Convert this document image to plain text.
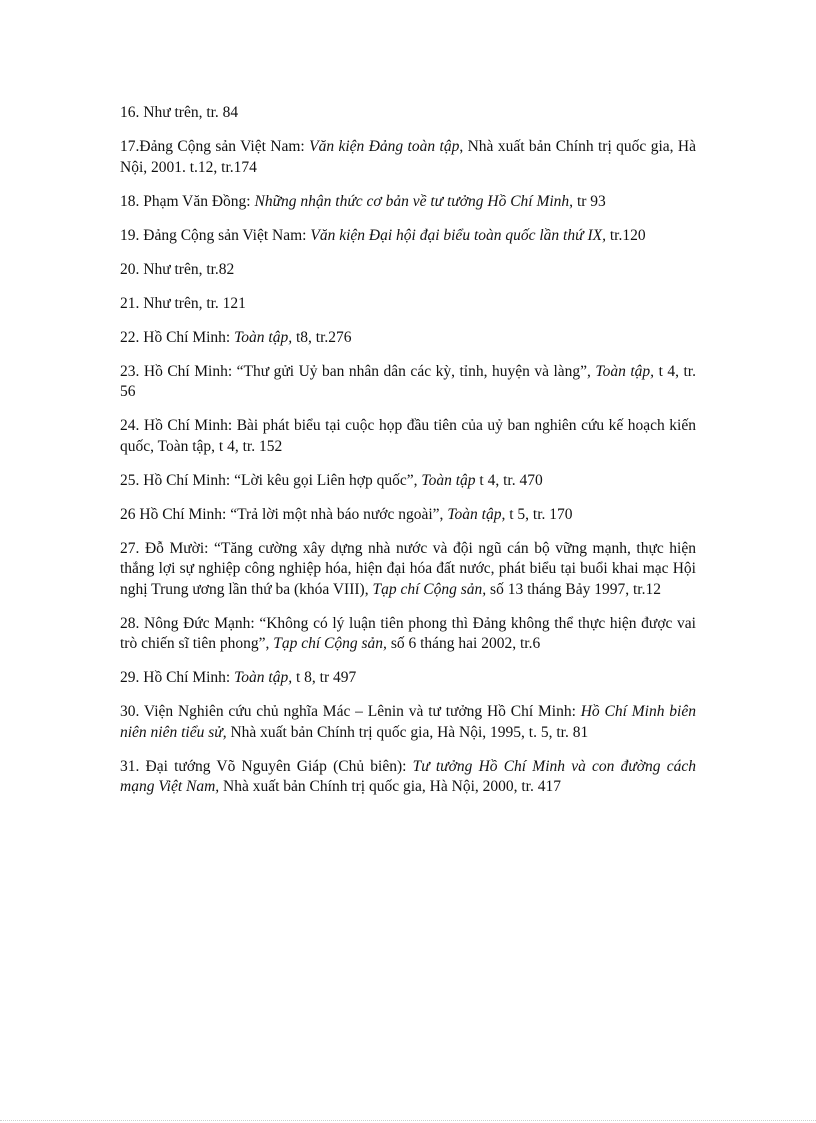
16. Như trên, tr. 84

17.Đảng Cộng sản Việt Nam: Văn kiện Đảng toàn tập, Nhà xuất bản Chính trị quốc gia, Hà Nội, 2001. t.12, tr.174

18. Phạm Văn Đồng: Những nhận thức cơ bản về tư tưởng Hồ Chí Minh, tr 93

19. Đảng Cộng sản Việt Nam: Văn kiện Đại hội đại biểu toàn quốc lần thứ IX, tr.120

20. Như trên, tr.82

21. Như trên, tr. 121

22. Hồ Chí Minh: Toàn tập, t8, tr.276

23. Hồ Chí Minh: “Thư gửi Uỷ ban nhân dân các kỳ, tỉnh, huyện và làng”, Toàn tập, t 4, tr. 56

24. Hồ Chí Minh: Bài phát biểu tại cuộc họp đầu tiên của uỷ ban nghiên cứu kế hoạch kiến quốc, Toàn tập, t 4, tr. 152

25. Hồ Chí Minh: “Lời kêu gọi Liên hợp quốc”, Toàn tập t 4, tr. 470

26 Hồ Chí Minh: “Trả lời một nhà báo nước ngoài”, Toàn tập, t 5, tr. 170

27. Đỗ Mười: “Tăng cường xây dựng nhà nước và đội ngũ cán bộ vững mạnh, thực hiện thắng lợi sự nghiệp công nghiệp hóa, hiện đại hóa đất nước, phát biểu tại buổi khai mạc Hội nghị Trung ương lần thứ ba (khóa VIII), Tạp chí Cộng sản, số 13 tháng Bảy 1997, tr.12

28. Nông Đức Mạnh: “Không có lý luận tiên phong thì Đảng không thể thực hiện được vai trò chiến sĩ tiên phong”, Tạp chí Cộng sản, số 6 tháng hai 2002, tr.6

29. Hồ Chí Minh: Toàn tập, t 8, tr 497

30. Viện Nghiên cứu chủ nghĩa Mác – Lênin và tư tưởng Hồ Chí Minh: Hồ Chí Minh biên niên niên tiểu sử, Nhà xuất bản Chính trị quốc gia, Hà Nội, 1995, t. 5, tr. 81

31. Đại tướng Võ Nguyên Giáp (Chủ biên): Tư tưởng Hồ Chí Minh và con đường cách mạng Việt Nam, Nhà xuất bản Chính trị quốc gia, Hà Nội, 2000, tr. 417
